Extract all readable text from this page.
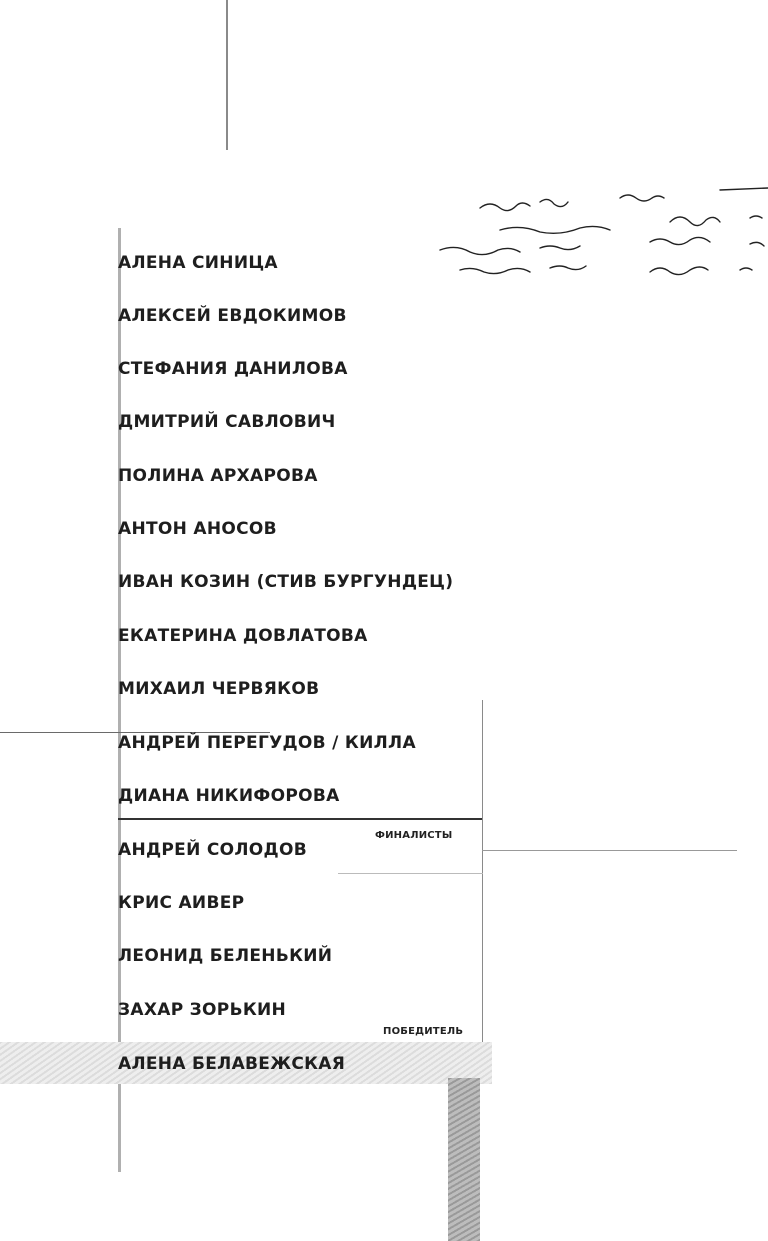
АЛЕНА СИНИЦА
АЛЕКСЕЙ ЕВДОКИМОВ
СТЕФАНИЯ ДАНИЛОВА
ДМИТРИЙ САВЛОВИЧ
ПОЛИНА АРХАРОВА
АНТОН АНОСОВ
ИВАН КОЗИН (СТИВ БУРГУНДЕЦ)
ЕКАТЕРИНА ДОВЛАТОВА
МИХАИЛ ЧЕРВЯКОВ
АНДРЕЙ ПЕРЕГУДОВ / КИЛЛА
ДИАНА НИКИФОРОВА
АНДРЕЙ СОЛОДОВ
КРИС АИВЕР
ЛЕОНИД БЕЛЕНЬКИЙ
ЗАХАР ЗОРЬКИН
АЛЕНА БЕЛАВЕЖСКАЯ
ФИНАЛИСТЫ
ПОБЕДИТЕЛЬ
